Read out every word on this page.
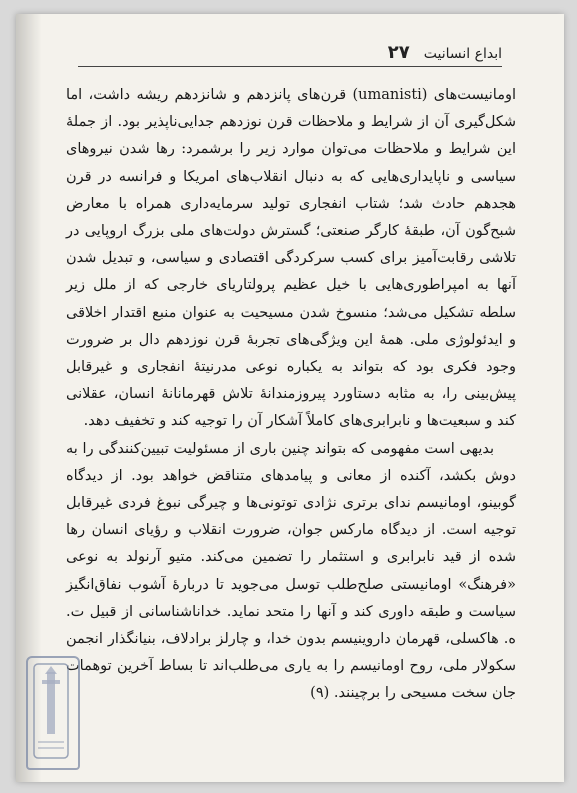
ابداع انسانیت
۲۷

اومانیست‌های (umanisti) قرن‌های پانزدهم و شانزدهم ریشه داشت، اما شکل‌گیری آن از شرایط و ملاحظات قرن نوزدهم جدایی‌ناپذیر بود. از جملهٔ این شرایط و ملاحظات می‌توان موارد زیر را برشمرد: رها شدن نیروهای سیاسی و ناپایداری‌هایی که به دنبال انقلاب‌های امریکا و فرانسه در قرن هجدهم حادث شد؛ شتاب انفجاری تولید سرمایه‌داری همراه با معارض شبح‌گون آن، طبقهٔ کارگر صنعتی؛ گسترش دولت‌های ملی بزرگ اروپایی در تلاشی رقابت‌آمیز برای کسب سرکردگی اقتصادی و سیاسی، و تبدیل شدن آنها به امپراطوری‌هایی با خیل عظیم پرولتاریای خارجی که از ملل زیر سلطه تشکیل می‌شد؛ منسوخ شدن مسیحیت به عنوان منبع اقتدار اخلاقی و ایدئولوژی ملی. همهٔ این ویژگی‌های تجربهٔ قرن نوزدهم دال بر ضرورت وجود فکری بود که بتواند به یکباره نوعی مدرنیتهٔ انفجاری و غیرقابل پیش‌بینی را، به مثابه دستاورد پیروزمندانهٔ تلاش قهرمانانهٔ انسان، عقلانی کند و سبعیت‌ها و نابرابری‌های کاملاً آشکار آن را توجیه کند و تخفیف دهد.

بدیهی است مفهومی که بتواند چنین باری از مسئولیت تبیین‌کنندگی را به دوش بکشد، آکنده از معانی و پیامدهای متناقض خواهد بود. از دیدگاه گوبینو، اومانیسم ندای برتری نژادی توتونی‌ها و چیرگی نبوغ فردی غیرقابل توجیه است. از دیدگاه مارکس جوان، ضرورت انقلاب و رؤیای انسان رها شده از قید نابرابری و استثمار را تضمین می‌کند. متیو آرنولد به نوعی «فرهنگ» اومانیستی صلح‌طلب توسل می‌جوید تا دربارهٔ آشوب نفاق‌انگیز سیاست و طبقه داوری کند و آنها را متحد نماید. خداناشناسانی از قبیل ت. ه. هاکسلی، قهرمان داروینیسم بدون خدا، و چارلز برادلاف، بنیانگذار انجمن سکولار ملی، روح اومانیسم را به یاری می‌طلب‌اند تا بساط آخرین توهمات جان سخت مسیحی را برچینند. (۹)
